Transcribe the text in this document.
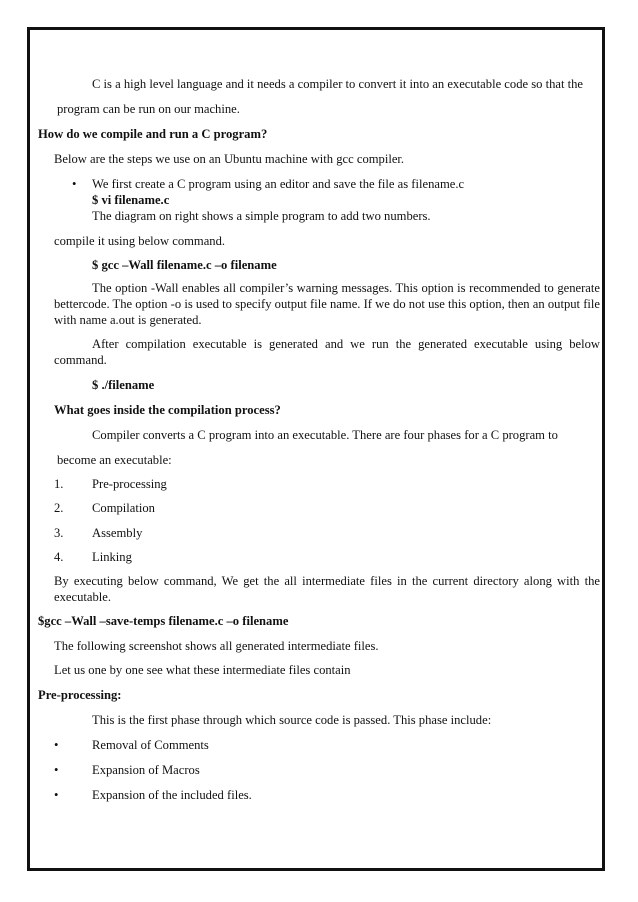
C is a high level language and it needs a compiler to convert it into an executable code so that the
program can be run on our machine.
How do we compile and run a C program?
Below are the steps we use on an Ubuntu machine with gcc compiler.
• We first create a C program using an editor and save the file as filename.c
$ vi filename.c
The diagram on right shows a simple program to add two numbers.
compile it using below command.
$ gcc –Wall filename.c –o filename
The option -Wall enables all compiler’s warning messages. This option is recommended to generate bettercode. The option -o is used to specify output file name. If we do not use this option, then an output file with name a.out is generated.
After compilation executable is generated and we run the generated executable using below command.
$ ./filename
What goes inside the compilation process?
Compiler converts a C program into an executable. There are four phases for a C program to
become an executable:
1. Pre-processing
2. Compilation
3. Assembly
4. Linking
By executing below command, We get the all intermediate files in the current directory along with the executable.
$gcc –Wall –save-temps filename.c –o filename
The following screenshot shows all generated intermediate files.
Let us one by one see what these intermediate files contain
Pre-processing:
This is the first phase through which source code is passed. This phase include:
•	Removal of Comments
•	Expansion of Macros
•	Expansion of the included files.
